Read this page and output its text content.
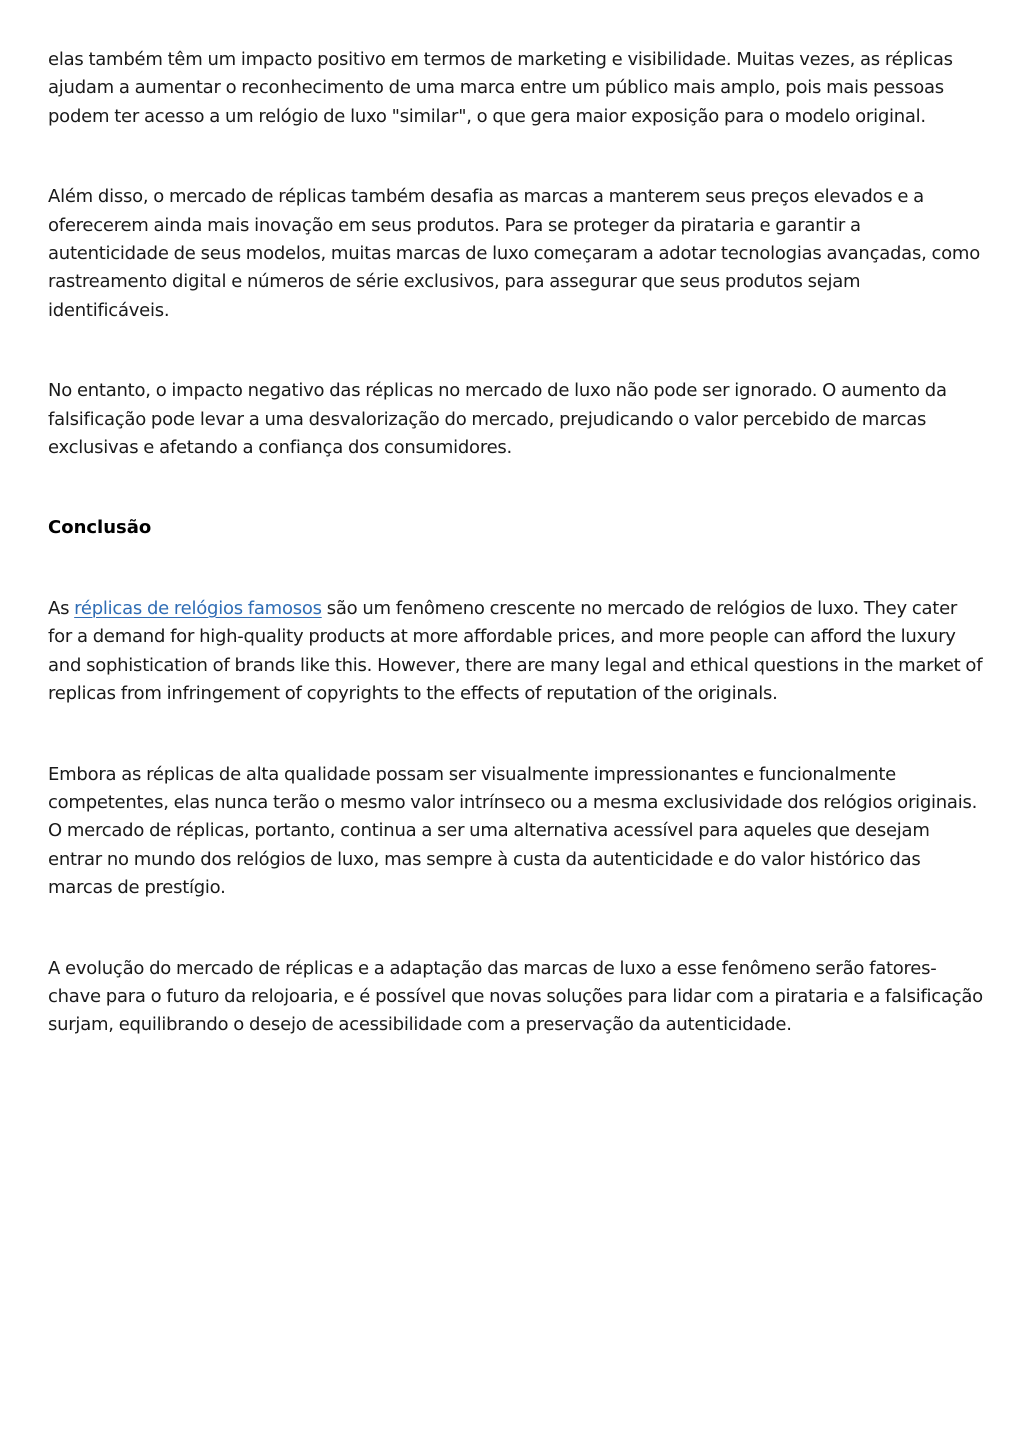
elas também têm um impacto positivo em termos de marketing e visibilidade. Muitas vezes, as réplicas ajudam a aumentar o reconhecimento de uma marca entre um público mais amplo, pois mais pessoas podem ter acesso a um relógio de luxo "similar", o que gera maior exposição para o modelo original.

Além disso, o mercado de réplicas também desafia as marcas a manterem seus preços elevados e a oferecerem ainda mais inovação em seus produtos. Para se proteger da pirataria e garantir a autenticidade de seus modelos, muitas marcas de luxo começaram a adotar tecnologias avançadas, como rastreamento digital e números de série exclusivos, para assegurar que seus produtos sejam identificáveis.

No entanto, o impacto negativo das réplicas no mercado de luxo não pode ser ignorado. O aumento da falsificação pode levar a uma desvalorização do mercado, prejudicando o valor percebido de marcas exclusivas e afetando a confiança dos consumidores.

Conclusão

As réplicas de relógios famosos são um fenômeno crescente no mercado de relógios de luxo. They cater for a demand for high-quality products at more affordable prices, and more people can afford the luxury and sophistication of brands like this. However, there are many legal and ethical questions in the market of replicas from infringement of copyrights to the effects of reputation of the originals.

Embora as réplicas de alta qualidade possam ser visualmente impressionantes e funcionalmente competentes, elas nunca terão o mesmo valor intrínseco ou a mesma exclusividade dos relógios originais. O mercado de réplicas, portanto, continua a ser uma alternativa acessível para aqueles que desejam entrar no mundo dos relógios de luxo, mas sempre à custa da autenticidade e do valor histórico das marcas de prestígio.

A evolução do mercado de réplicas e a adaptação das marcas de luxo a esse fenômeno serão fatores-chave para o futuro da relojoaria, e é possível que novas soluções para lidar com a pirataria e a falsificação surjam, equilibrando o desejo de acessibilidade com a preservação da autenticidade.
